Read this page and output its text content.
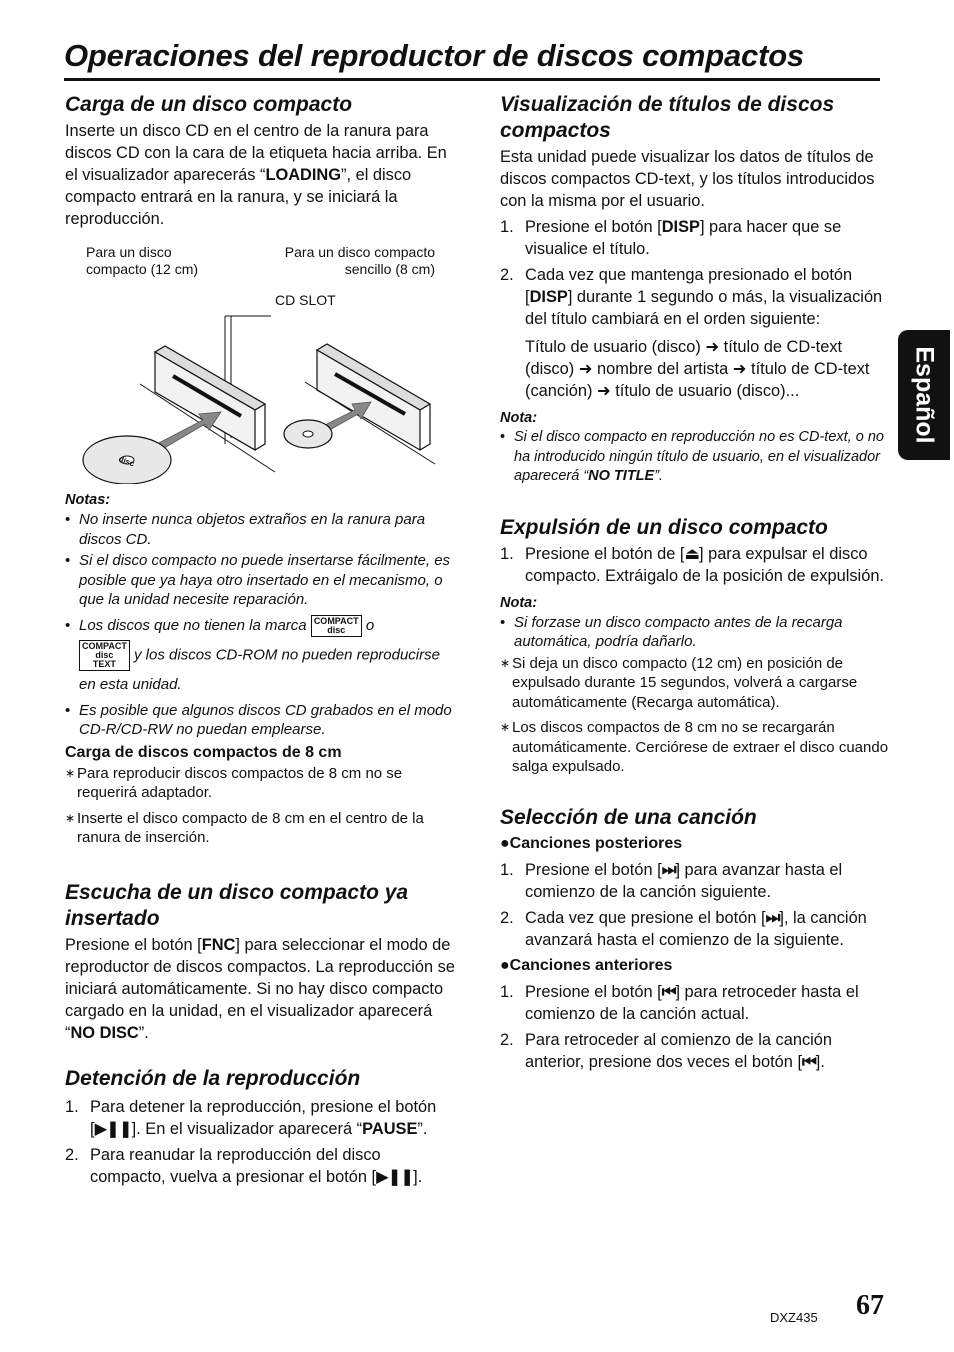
Operaciones del reproductor de discos compactos
Carga de un disco compacto

Inserte un disco CD en el centro de la ranura para discos CD con la cara de la etiqueta hacia arriba. En el visualizador aparecerás “LOADING”, el disco compacto entrará en la ranura, y se iniciará la reproducción.

Para un disco compacto (12 cm)
Para un disco compacto sencillo (8 cm)
CD SLOT
disc
Notas:
• No inserte nunca objetos extraños en la ranura para discos CD.
• Si el disco compacto no puede insertarse fácilmente, es posible que ya haya otro insertado en el mecanismo, o que la unidad necesite reparación.
• Los discos que no tienen la marca COMPACT
disc o
COMPACT
disc
TEXT y los discos CD-ROM no pueden reproducirse en esta unidad.
• Es posible que algunos discos CD grabados en el modo CD-R/CD-RW no puedan emplearse.
Carga de discos compactos de 8 cm
∗ Para reproducir discos compactos de 8 cm no se requerirá adaptador.
∗ Inserte el disco compacto de 8 cm en el centro de la ranura de inserción.
Escucha de un disco compacto ya insertado

Presione el botón [FNC] para seleccionar el modo de reproductor de discos compactos. La reproducción se iniciará automáticamente. Si no hay disco compacto cargado en la unidad, en el visualizador aparecerá “NO DISC”.

Detención de la reproducción
1. Para detener la reproducción, presione el botón [▶❚❚]. En el visualizador aparecerá “PAUSE”.
2. Para reanudar la reproducción del disco compacto, vuelva a presionar el botón [▶❚❚].
Visualización de títulos de discos compactos

Esta unidad puede visualizar los datos de títulos de discos compactos CD-text, y los títulos introducidos con la misma por el usuario.

1. Presione el botón [DISP] para hacer que se visualice el título.
2. Cada vez que mantenga presionado el botón [DISP] durante 1 segundo o más, la visualización del título cambiará en el orden siguiente:
Título de usuario (disco) ➜ título de CD-text (disco) ➜ nombre del artista ➜ título de CD-text (canción) ➜ título de usuario (disco)...
Nota:
• Si el disco compacto en reproducción no es CD-text, o no ha introducido ningún título de usuario, en el visualizador aparecerá “NO TITLE”.
Expulsión de un disco compacto
1. Presione el botón de [⏏] para expulsar el disco compacto. Extráigalo de la posición de expulsión.
Nota:
• Si forzase un disco compacto antes de la recarga automática, podría dañarlo.
∗ Si deja un disco compacto (12 cm) en posición de expulsado durante 15 segundos, volverá a cargarse automáticamente (Recarga automática).
∗ Los discos compactos de 8 cm no se recargarán automáticamente. Cerciórese de extraer el disco cuando salga expulsado.
Selección de una canción
●Canciones posteriores
1. Presione el botón [⏭] para avanzar hasta el comienzo de la canción siguiente.
2. Cada vez que presione el botón [⏭], la canción avanzará hasta el comienzo de la siguiente.
●Canciones anteriores
1. Presione el botón [⏮] para retroceder hasta el comienzo de la canción actual.
2. Para retroceder al comienzo de la canción anterior, presione dos veces el botón [⏮].
Español
DXZ435 67
